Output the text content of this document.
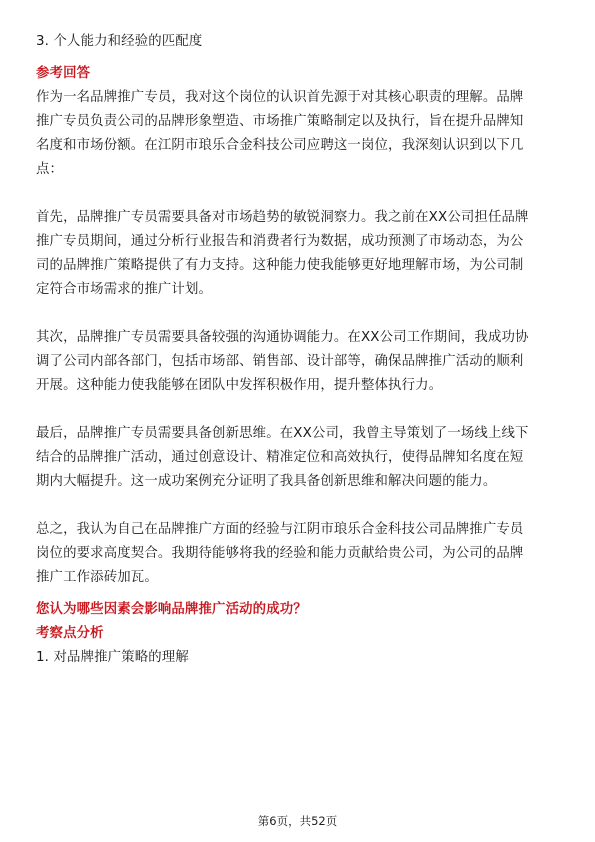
3. 个人能力和经验的匹配度
参考回答
作为一名品牌推广专员，我对这个岗位的认识首先源于对其核心职责的理解。品牌
推广专员负责公司的品牌形象塑造、市场推广策略制定以及执行，旨在提升品牌知
名度和市场份额。在江阴市琅乐合金科技公司应聘这一岗位，我深刻认识到以下几
点：
首先，品牌推广专员需要具备对市场趋势的敏锐洞察力。我之前在XX公司担任品牌
推广专员期间，通过分析行业报告和消费者行为数据，成功预测了市场动态，为公
司的品牌推广策略提供了有力支持。这种能力使我能够更好地理解市场，为公司制
定符合市场需求的推广计划。
其次，品牌推广专员需要具备较强的沟通协调能力。在XX公司工作期间，我成功协
调了公司内部各部门，包括市场部、销售部、设计部等，确保品牌推广活动的顺利
开展。这种能力使我能够在团队中发挥积极作用，提升整体执行力。
最后，品牌推广专员需要具备创新思维。在XX公司，我曾主导策划了一场线上线下
结合的品牌推广活动，通过创意设计、精准定位和高效执行，使得品牌知名度在短
期内大幅提升。这一成功案例充分证明了我具备创新思维和解决问题的能力。
总之，我认为自己在品牌推广方面的经验与江阴市琅乐合金科技公司品牌推广专员
岗位的要求高度契合。我期待能够将我的经验和能力贡献给贵公司，为公司的品牌
推广工作添砖加瓦。
您认为哪些因素会影响品牌推广活动的成功？
考察点分析
1. 对品牌推广策略的理解
第6页，共52页
